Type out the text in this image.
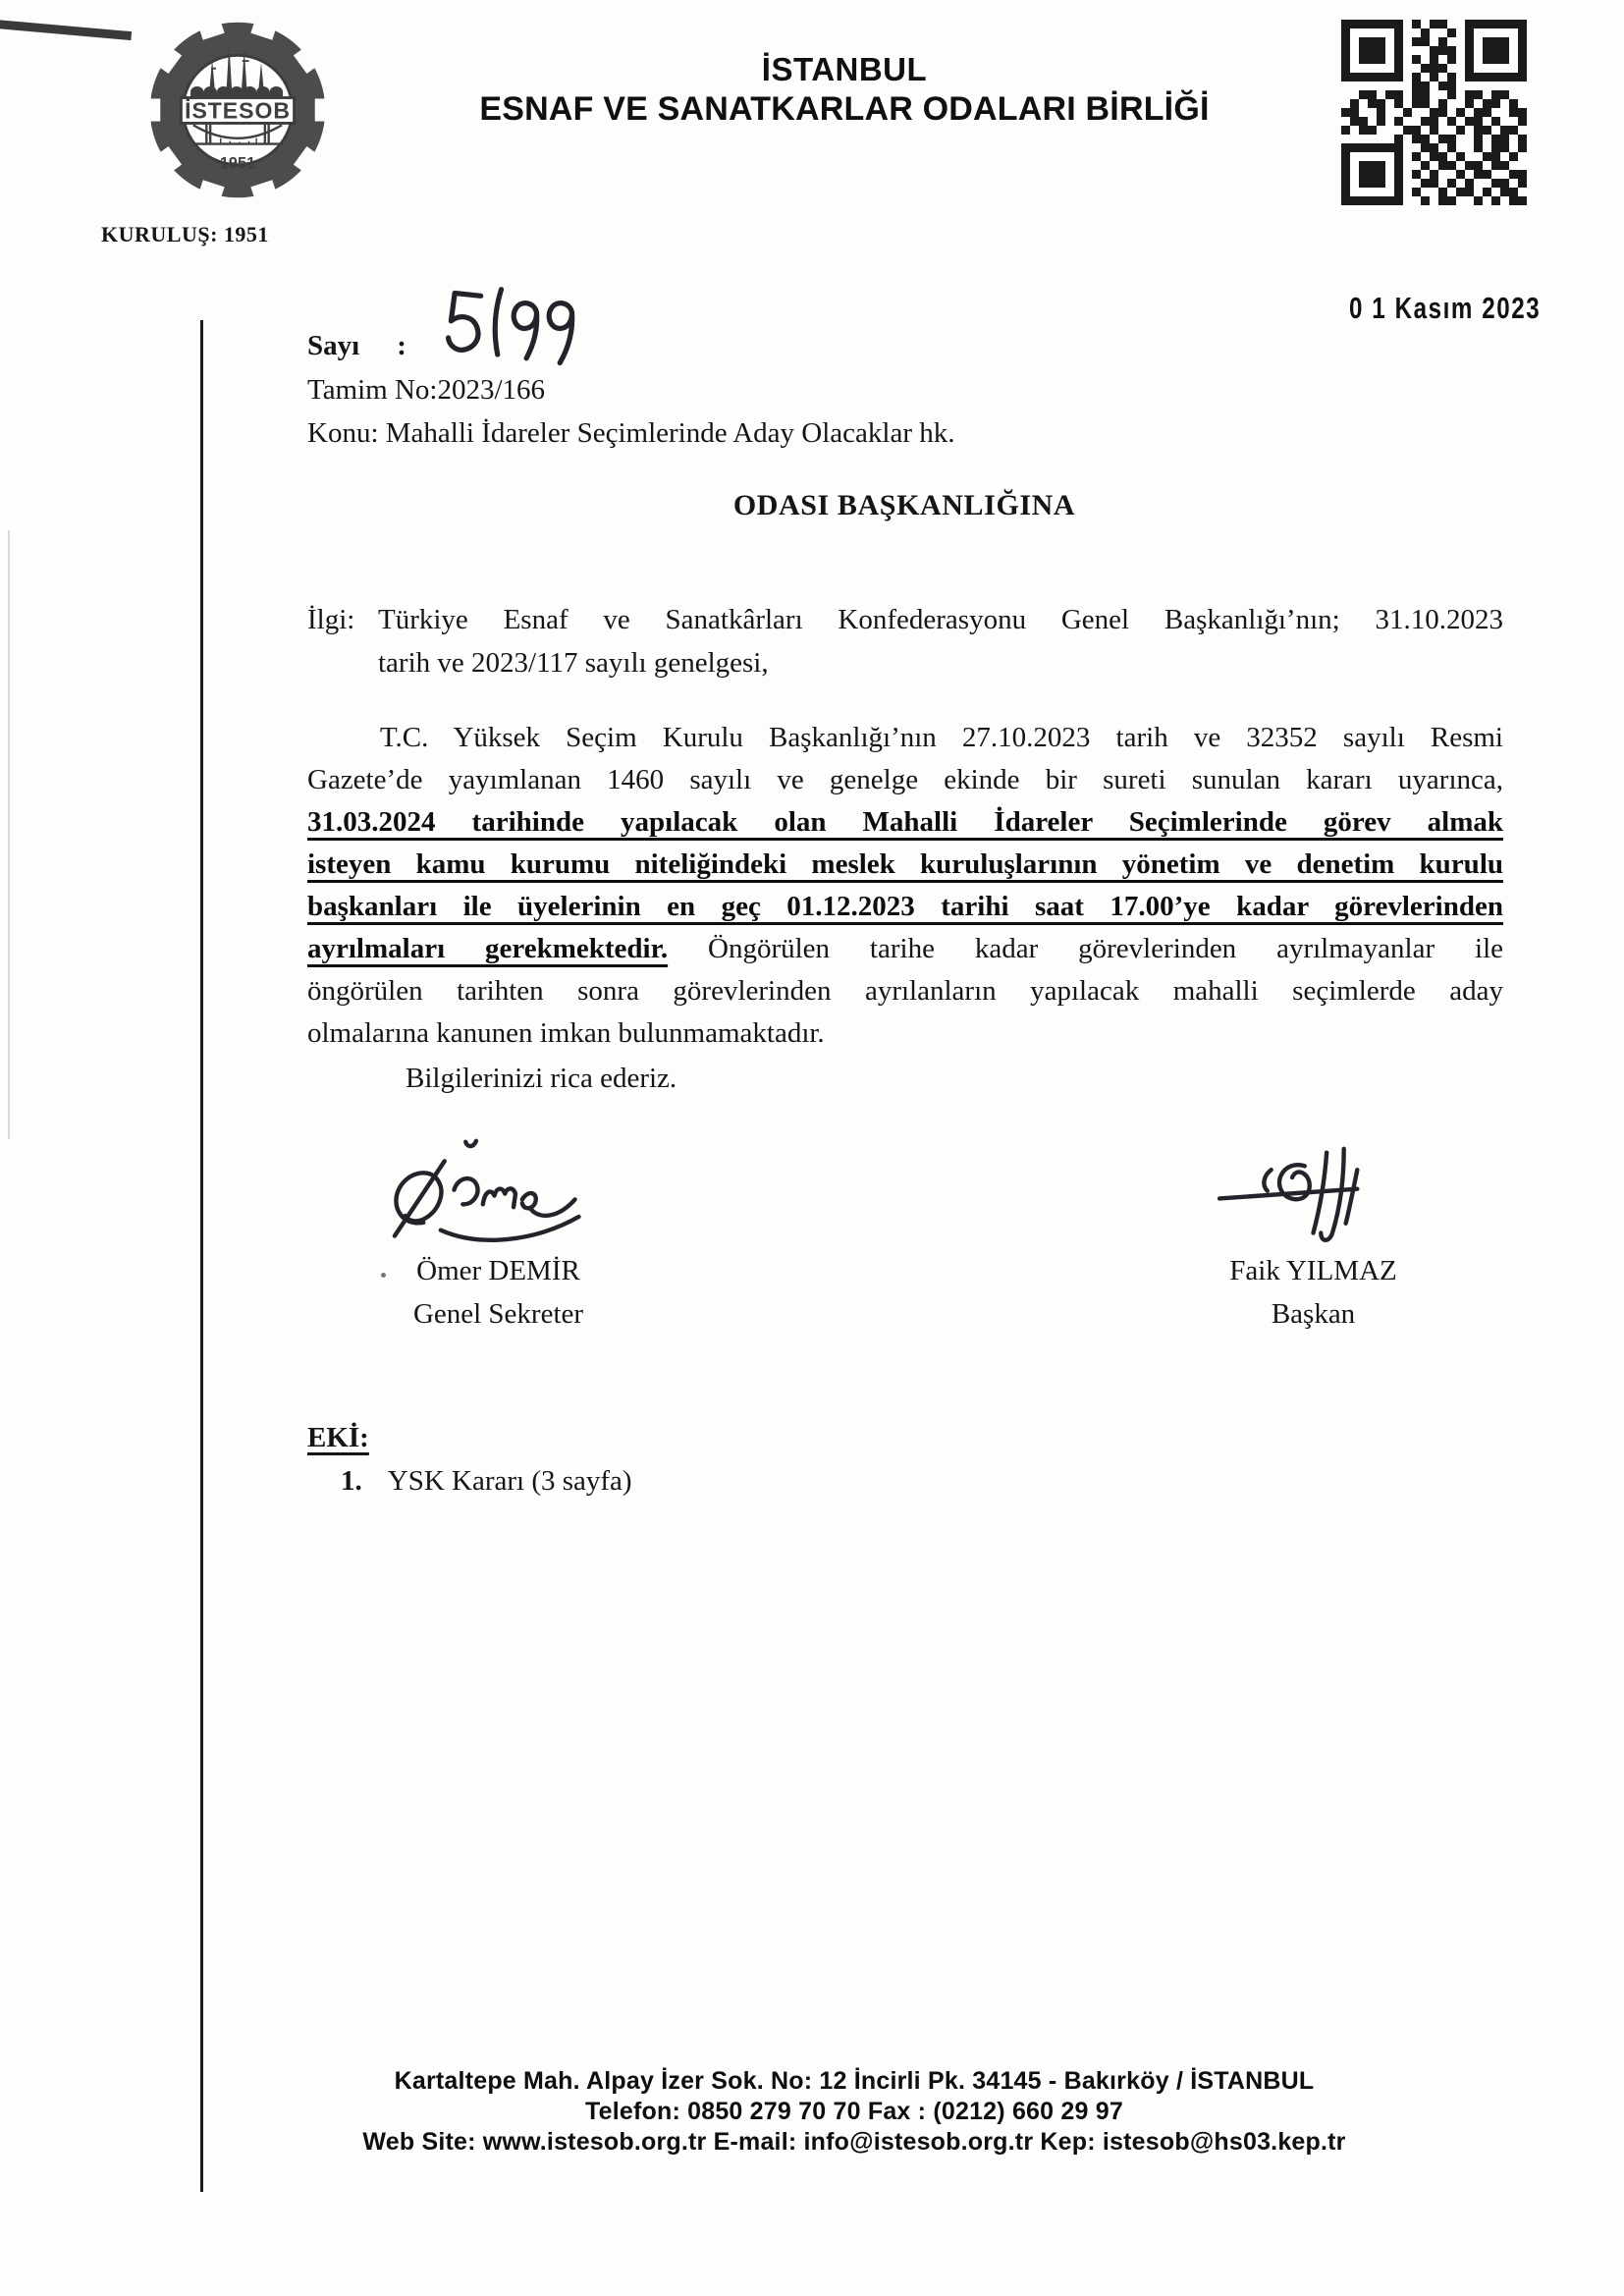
İSTESOB
1951
KURULUŞ: 1951
İSTANBUL
ESNAF VE SANATKARLAR ODALARI BİRLİĞİ
0 1 Kasım 2023
Sayı :
Tamim No:2023/166
Konu: Mahalli İdareler Seçimlerinde Aday Olacaklar hk.
ODASI BAŞKANLIĞINA
İlgi: Türkiye Esnaf ve Sanatkârları Konfederasyonu Genel Başkanlığı’nın; 31.10.2023
tarih ve 2023/117 sayılı genelgesi,
T.C. Yüksek Seçim Kurulu Başkanlığı’nın 27.10.2023 tarih ve 32352 sayılı Resmi
Gazete’de yayımlanan 1460 sayılı ve genelge ekinde bir sureti sunulan kararı uyarınca,
31.03.2024 tarihinde yapılacak olan Mahalli İdareler Seçimlerinde görev almak
isteyen kamu kurumu niteliğindeki meslek kuruluşlarının yönetim ve denetim kurulu
başkanları ile üyelerinin en geç 01.12.2023 tarihi saat 17.00’ye kadar görevlerinden
ayrılmaları gerekmektedir. Öngörülen tarihe kadar görevlerinden ayrılmayanlar ile
öngörülen tarihten sonra görevlerinden ayrılanların yapılacak mahalli seçimlerde aday
olmalarına kanunen imkan bulunmamaktadır.
Bilgilerinizi rica ederiz.
Ömer DEMİR
Genel Sekreter
Faik YILMAZ
Başkan
EKİ:
1. YSK Kararı (3 sayfa)
Kartaltepe Mah. Alpay İzer Sok. No: 12 İncirli Pk. 34145 - Bakırköy / İSTANBUL
Telefon: 0850 279 70 70 Fax : (0212) 660 29 97
Web Site: www.istesob.org.tr E-mail: info@istesob.org.tr Kep: istesob@hs03.kep.tr
